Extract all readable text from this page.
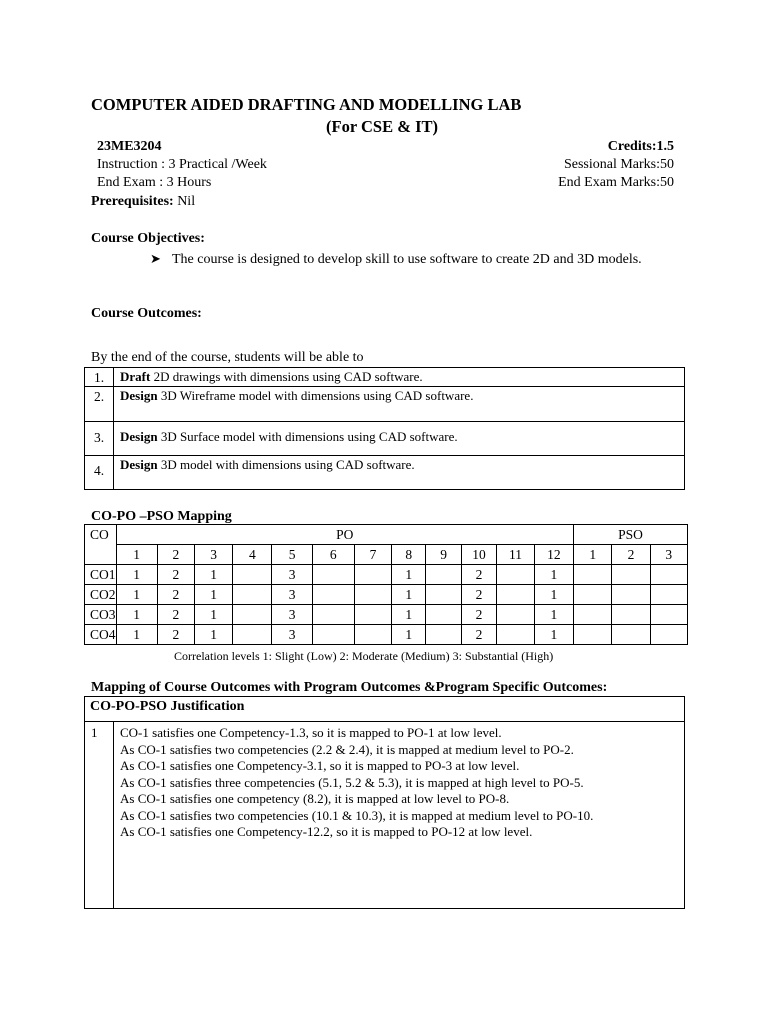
COMPUTER AIDED DRAFTING AND MODELLING LAB
(For CSE & IT)
23ME3204	Credits:1.5
Instruction : 3 Practical /Week	Sessional Marks:50
End Exam : 3 Hours	End Exam Marks:50
Prerequisites: Nil
Course Objectives:
➤ The course is designed to develop skill to use software to create 2D and 3D models.
Course Outcomes:
By the end of the course, students will be able to
1.	Draft 2D drawings with dimensions using CAD software.
2.	Design 3D Wireframe model with dimensions using CAD software.
3.	Design 3D Surface model with dimensions using CAD software.
4.	Design 3D model with dimensions using CAD software.
CO-PO –PSO Mapping
CO	PO												PSO		
	1	2	3	4	5	6	7	8	9	10	11	12	1	2	3
CO1	1	2	1		3			1		2		1			
CO2	1	2	1		3			1		2		1			
CO3	1	2	1		3			1		2		1			
CO4	1	2	1		3			1		2		1			
Correlation levels 1: Slight (Low) 2: Moderate (Medium) 3: Substantial (High)
Mapping of Course Outcomes with Program Outcomes &Program Specific Outcomes:
CO-PO-PSO Justification
1	CO-1 satisfies one Competency-1.3, so it is mapped to PO-1 at low level.
As CO-1 satisfies two competencies (2.2 & 2.4), it is mapped at medium level to PO-2.
As CO-1 satisfies one Competency-3.1, so it is mapped to PO-3 at low level.
As CO-1 satisfies three competencies (5.1, 5.2 & 5.3), it is mapped at high level to PO-5.
As CO-1 satisfies one competency (8.2), it is mapped at low level to PO-8.
As CO-1 satisfies two competencies (10.1 & 10.3), it is mapped at medium level to PO-10.
As CO-1 satisfies one Competency-12.2, so it is mapped to PO-12 at low level.
